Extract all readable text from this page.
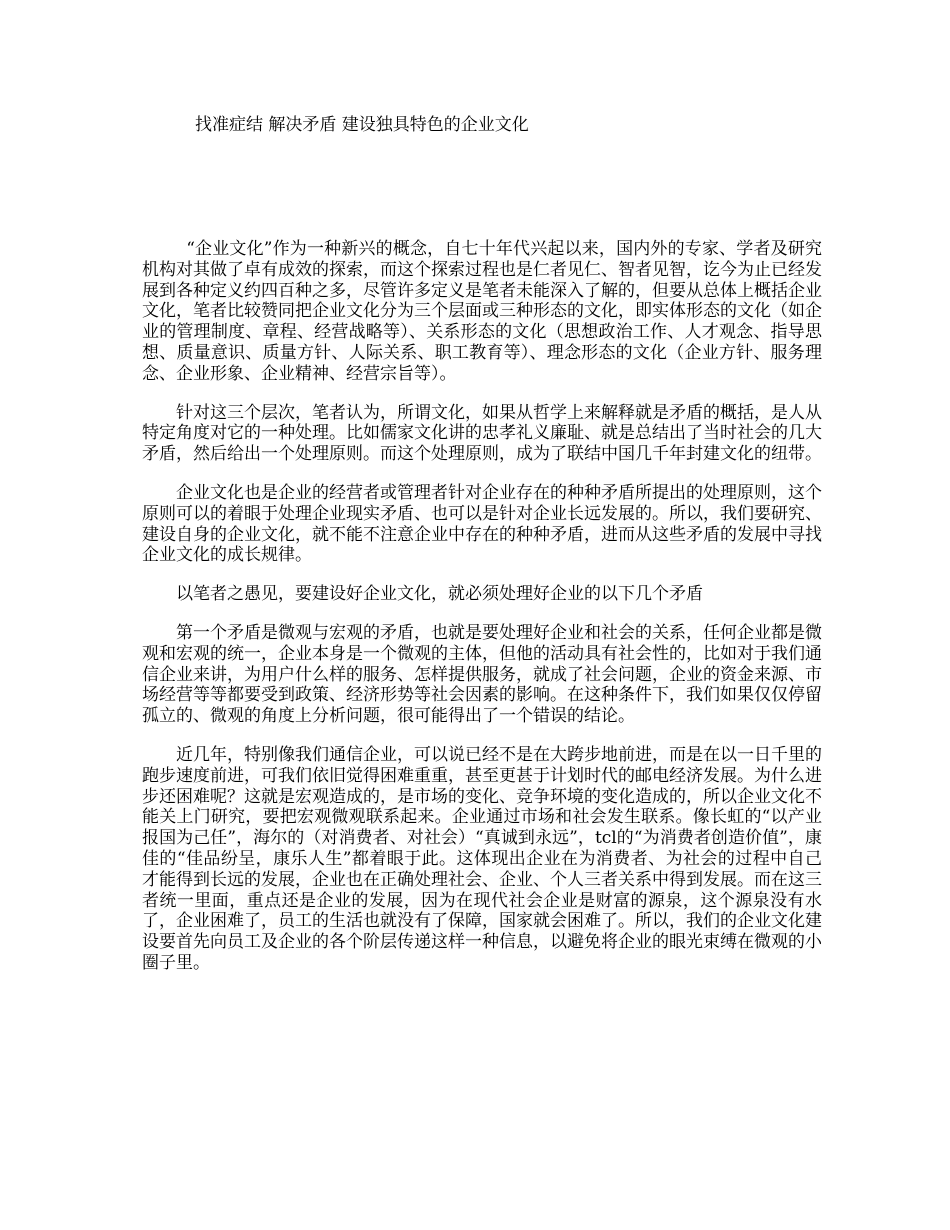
找准症结 解决矛盾 建设独具特色的企业文化

“企业文化”作为一种新兴的概念，自七十年代兴起以来，国内外的专家、学者及研究机构对其做了卓有成效的探索，而这个探索过程也是仁者见仁、智者见智，讫今为止已经发展到各种定义约四百种之多，尽管许多定义是笔者未能深入了解的，但要从总体上概括企业文化，笔者比较赞同把企业文化分为三个层面或三种形态的文化，即实体形态的文化（如企业的管理制度、章程、经营战略等）、关系形态的文化（思想政治工作、人才观念、指导思想、质量意识、质量方针、人际关系、职工教育等）、理念形态的文化（企业方针、服务理念、企业形象、企业精神、经营宗旨等）。

针对这三个层次，笔者认为，所谓文化，如果从哲学上来解释就是矛盾的概括，是人从特定角度对它的一种处理。比如儒家文化讲的忠孝礼义廉耻、就是总结出了当时社会的几大矛盾，然后给出一个处理原则。而这个处理原则，成为了联结中国几千年封建文化的纽带。

企业文化也是企业的经营者或管理者针对企业存在的种种矛盾所提出的处理原则，这个原则可以的着眼于处理企业现实矛盾、也可以是针对企业长远发展的。所以，我们要研究、建设自身的企业文化，就不能不注意企业中存在的种种矛盾，进而从这些矛盾的发展中寻找企业文化的成长规律。

以笔者之愚见，要建设好企业文化，就必须处理好企业的以下几个矛盾

第一个矛盾是微观与宏观的矛盾，也就是要处理好企业和社会的关系，任何企业都是微观和宏观的统一，企业本身是一个微观的主体，但他的活动具有社会性的，比如对于我们通信企业来讲，为用户什么样的服务、怎样提供服务，就成了社会问题，企业的资金来源、市场经营等等都要受到政策、经济形势等社会因素的影响。在这种条件下，我们如果仅仅停留孤立的、微观的角度上分析问题，很可能得出了一个错误的结论。

近几年，特别像我们通信企业，可以说已经不是在大跨步地前进，而是在以一日千里的跑步速度前进，可我们依旧觉得困难重重，甚至更甚于计划时代的邮电经济发展。为什么进步还困难呢？这就是宏观造成的，是市场的变化、竞争环境的变化造成的，所以企业文化不能关上门研究，要把宏观微观联系起来。企业通过市场和社会发生联系。像长虹的“以产业报国为己任”，海尔的（对消费者、对社会）“真诚到永远”，tcl的“为消费者创造价值”，康佳的“佳品纷呈，康乐人生”都着眼于此。这体现出企业在为消费者、为社会的过程中自己才能得到长远的发展，企业也在正确处理社会、企业、个人三者关系中得到发展。而在这三者统一里面，重点还是企业的发展，因为在现代社会企业是财富的源泉，这个源泉没有水了，企业困难了，员工的生活也就没有了保障，国家就会困难了。所以，我们的企业文化建设要首先向员工及企业的各个阶层传递这样一种信息，以避免将企业的眼光束缚在微观的小圈子里。
